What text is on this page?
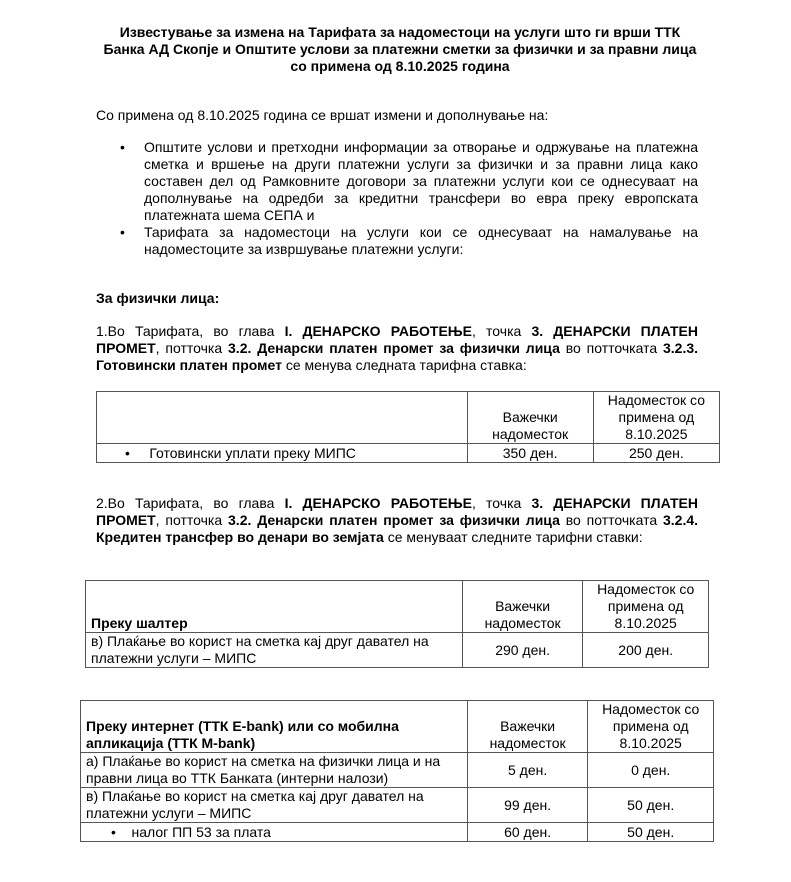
Известување за измена на Тарифата за надоместоци на услуги што ги врши ТТК Банка АД Скопје и Општите услови за платежни сметки за физички и за правни лица со примена од 8.10.2025 година
Со примена од 8.10.2025 година се вршат измени и дополнување на:
•	Општите услови и претходни информации за отворање и одржување на платежна сметка и вршење на други платежни услуги за физички и за правни лица како составен дел од Рамковните договори за платежни услуги кои се однесуваат на дополнување на одредби за кредитни трансфери во евра преку европската платежната шема СЕПА и
•	Тарифата за надоместоци на услуги кои се однесуваат на намалување на надоместоците за извршување платежни услуги:
За физички лица:
1.Во Тарифата, во глава I. ДЕНАРСКО РАБОТЕЊЕ, точка 3. ДЕНАРСКИ ПЛАТЕН ПРОМЕТ, потточка 3.2. Денарски платен промет за физички лица во потточката 3.2.3. Готовински платен промет се менува следната тарифна ставка:
	Важечки надоместок	Надоместок со примена од 8.10.2025
• Готовински уплати преку МИПС	350 ден.	250 ден.
2.Во Тарифата, во глава I. ДЕНАРСКО РАБОТЕЊЕ, точка 3. ДЕНАРСКИ ПЛАТЕН ПРОМЕТ, потточка 3.2. Денарски платен промет за физички лица во потточката 3.2.4. Кредитен трансфер во денари во земјата се менуваат следните тарифни ставки:
Преку шалтер	Важечки надоместок	Надоместок со примена од 8.10.2025
в) Плаќање во корист на сметка кај друг давател на платежни услуги – МИПС	290 ден.	200 ден.
Преку интернет (ТТК E-bank) или со мобилна апликација (ТТК M-bank)	Важечки надоместок	Надоместок со примена од 8.10.2025
а) Плаќање во корист на сметка на физички лица и на правни лица во ТТК Банката (интерни налози)	5 ден.	0 ден.
в) Плаќање во корист на сметка кај друг давател на платежни услуги – МИПС	99 ден.	50 ден.
• налог ПП 53 за плата	60 ден.	50 ден.
